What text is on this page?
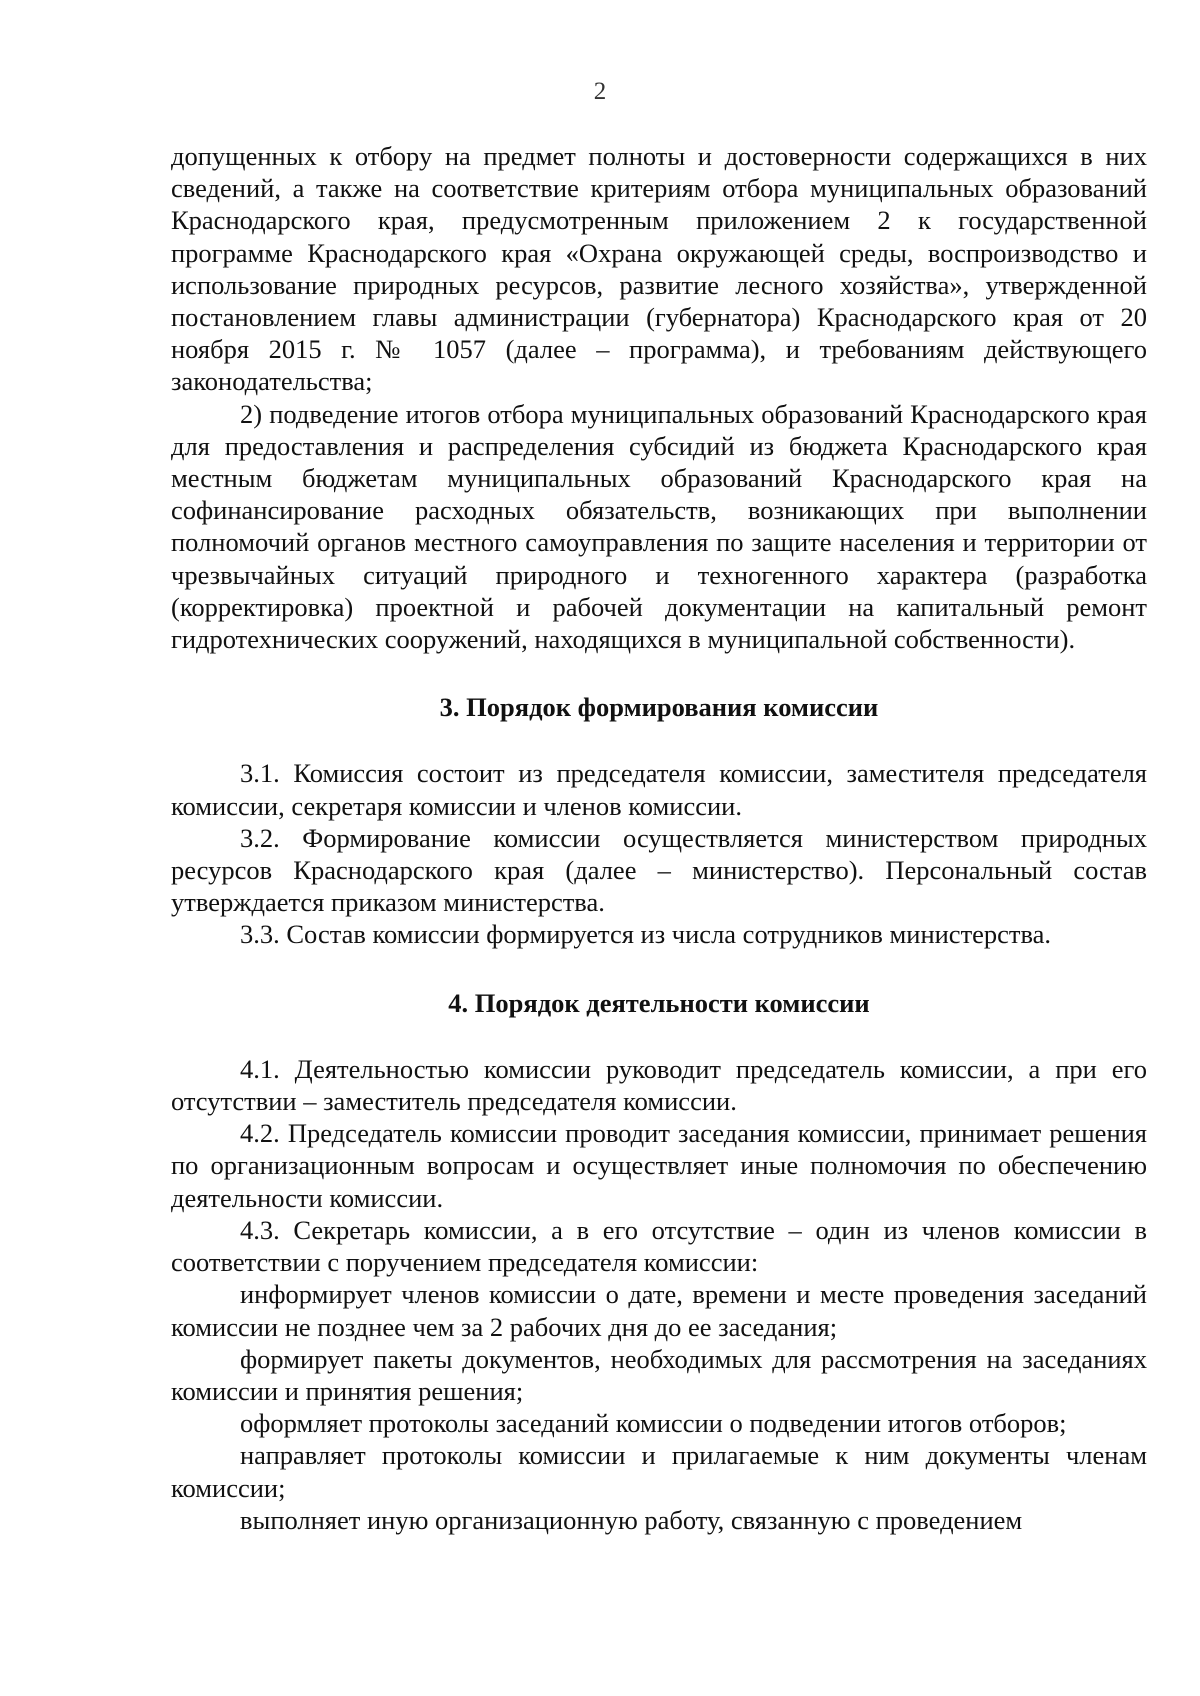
2

допущенных к отбору на предмет полноты и достоверности содержащихся в них сведений, а также на соответствие критериям отбора муниципальных образований Краснодарского края, предусмотренным приложением 2 к государственной программе Краснодарского края «Охрана окружающей среды, воспроизводство и использование природных ресурсов, развитие лесного хозяйства», утвержденной постановлением главы администрации (губернатора) Краснодарского края от 20 ноября 2015 г. № 1057 (далее – программа), и требованиям действующего законодательства;

2) подведение итогов отбора муниципальных образований Краснодарского края для предоставления и распределения субсидий из бюджета Краснодарского края местным бюджетам муниципальных образований Краснодарского края на софинансирование расходных обязательств, возникающих при выполнении полномочий органов местного самоуправления по защите населения и территории от чрезвычайных ситуаций природного и техногенного характера (разработка (корректировка) проектной и рабочей документации на капитальный ремонт гидротехнических сооружений, находящихся в муниципальной собственности).

3. Порядок формирования комиссии

3.1. Комиссия состоит из председателя комиссии, заместителя председателя комиссии, секретаря комиссии и членов комиссии.

3.2. Формирование комиссии осуществляется министерством природных ресурсов Краснодарского края (далее – министерство). Персональный состав утверждается приказом министерства.

3.3. Состав комиссии формируется из числа сотрудников министерства.

4. Порядок деятельности комиссии

4.1. Деятельностью комиссии руководит председатель комиссии, а при его отсутствии – заместитель председателя комиссии.

4.2. Председатель комиссии проводит заседания комиссии, принимает решения по организационным вопросам и осуществляет иные полномочия по обеспечению деятельности комиссии.

4.3. Секретарь комиссии, а в его отсутствие – один из членов комиссии в соответствии с поручением председателя комиссии:

информирует членов комиссии о дате, времени и месте проведения заседаний комиссии не позднее чем за 2 рабочих дня до ее заседания;

формирует пакеты документов, необходимых для рассмотрения на заседаниях комиссии и принятия решения;

оформляет протоколы заседаний комиссии о подведении итогов отборов;

направляет протоколы комиссии и прилагаемые к ним документы членам комиссии;

выполняет иную организационную работу, связанную с проведением
